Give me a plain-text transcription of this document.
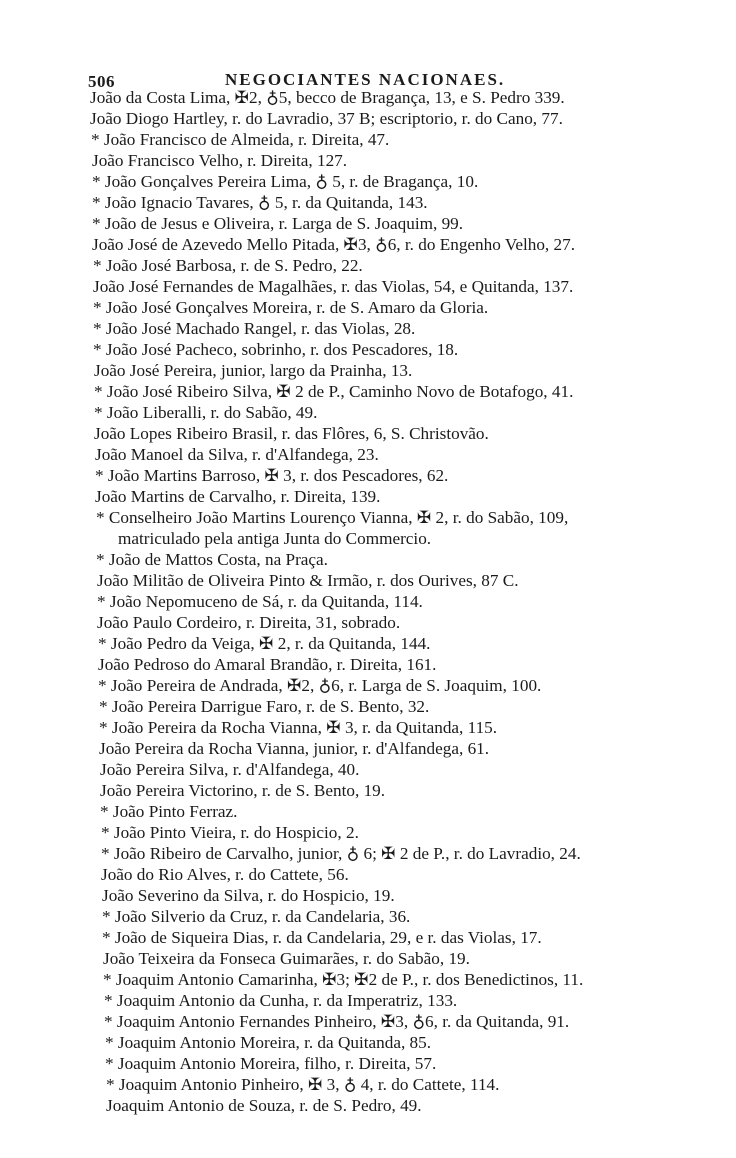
506	NEGOCIANTES NACIONAES.
João da Costa Lima, ✠2, ♁5, becco de Bragança, 13, e S. Pedro 339.
João Diogo Hartley, r. do Lavradio, 37 B; escriptorio, r. do Cano, 77.
* João Francisco de Almeida, r. Direita, 47.
João Francisco Velho, r. Direita, 127.
* João Gonçalves Pereira Lima, ♁ 5, r. de Bragança, 10.
* João Ignacio Tavares, ♁ 5, r. da Quitanda, 143.
* João de Jesus e Oliveira, r. Larga de S. Joaquim, 99.
João José de Azevedo Mello Pitada, ✠3, ♁6, r. do Engenho Velho, 27.
* João José Barbosa, r. de S. Pedro, 22.
João José Fernandes de Magalhães, r. das Violas, 54, e Quitanda, 137.
* João José Gonçalves Moreira, r. de S. Amaro da Gloria.
* João José Machado Rangel, r. das Violas, 28.
* João José Pacheco, sobrinho, r. dos Pescadores, 18.
João José Pereira, junior, largo da Prainha, 13.
* João José Ribeiro Silva, ✠ 2 de P., Caminho Novo de Botafogo, 41.
* João Liberalli, r. do Sabão, 49.
João Lopes Ribeiro Brasil, r. das Flôres, 6, S. Christovão.
João Manoel da Silva, r. d'Alfandega, 23.
* João Martins Barroso, ✠ 3, r. dos Pescadores, 62.
João Martins de Carvalho, r. Direita, 139.
* Conselheiro João Martins Lourenço Vianna, ✠ 2, r. do Sabão, 109,
matriculado pela antiga Junta do Commercio.
* João de Mattos Costa, na Praça.
João Militão de Oliveira Pinto & Irmão, r. dos Ourives, 87 C.
* João Nepomuceno de Sá, r. da Quitanda, 114.
João Paulo Cordeiro, r. Direita, 31, sobrado.
* João Pedro da Veiga, ✠ 2, r. da Quitanda, 144.
João Pedroso do Amaral Brandão, r. Direita, 161.
* João Pereira de Andrada, ✠2, ♁6, r. Larga de S. Joaquim, 100.
* João Pereira Darrigue Faro, r. de S. Bento, 32.
* João Pereira da Rocha Vianna, ✠ 3, r. da Quitanda, 115.
João Pereira da Rocha Vianna, junior, r. d'Alfandega, 61.
João Pereira Silva, r. d'Alfandega, 40.
João Pereira Victorino, r. de S. Bento, 19.
* João Pinto Ferraz.
* João Pinto Vieira, r. do Hospicio, 2.
* João Ribeiro de Carvalho, junior, ♁ 6; ✠ 2 de P., r. do Lavradio, 24.
João do Rio Alves, r. do Cattete, 56.
João Severino da Silva, r. do Hospicio, 19.
* João Silverio da Cruz, r. da Candelaria, 36.
* João de Siqueira Dias, r. da Candelaria, 29, e r. das Violas, 17.
João Teixeira da Fonseca Guimarães, r. do Sabão, 19.
* Joaquim Antonio Camarinha, ✠3; ✠2 de P., r. dos Benedictinos, 11.
* Joaquim Antonio da Cunha, r. da Imperatriz, 133.
* Joaquim Antonio Fernandes Pinheiro, ✠3, ♁6, r. da Quitanda, 91.
* Joaquim Antonio Moreira, r. da Quitanda, 85.
* Joaquim Antonio Moreira, filho, r. Direita, 57.
* Joaquim Antonio Pinheiro, ✠ 3, ♁ 4, r. do Cattete, 114.
Joaquim Antonio de Souza, r. de S. Pedro, 49.
